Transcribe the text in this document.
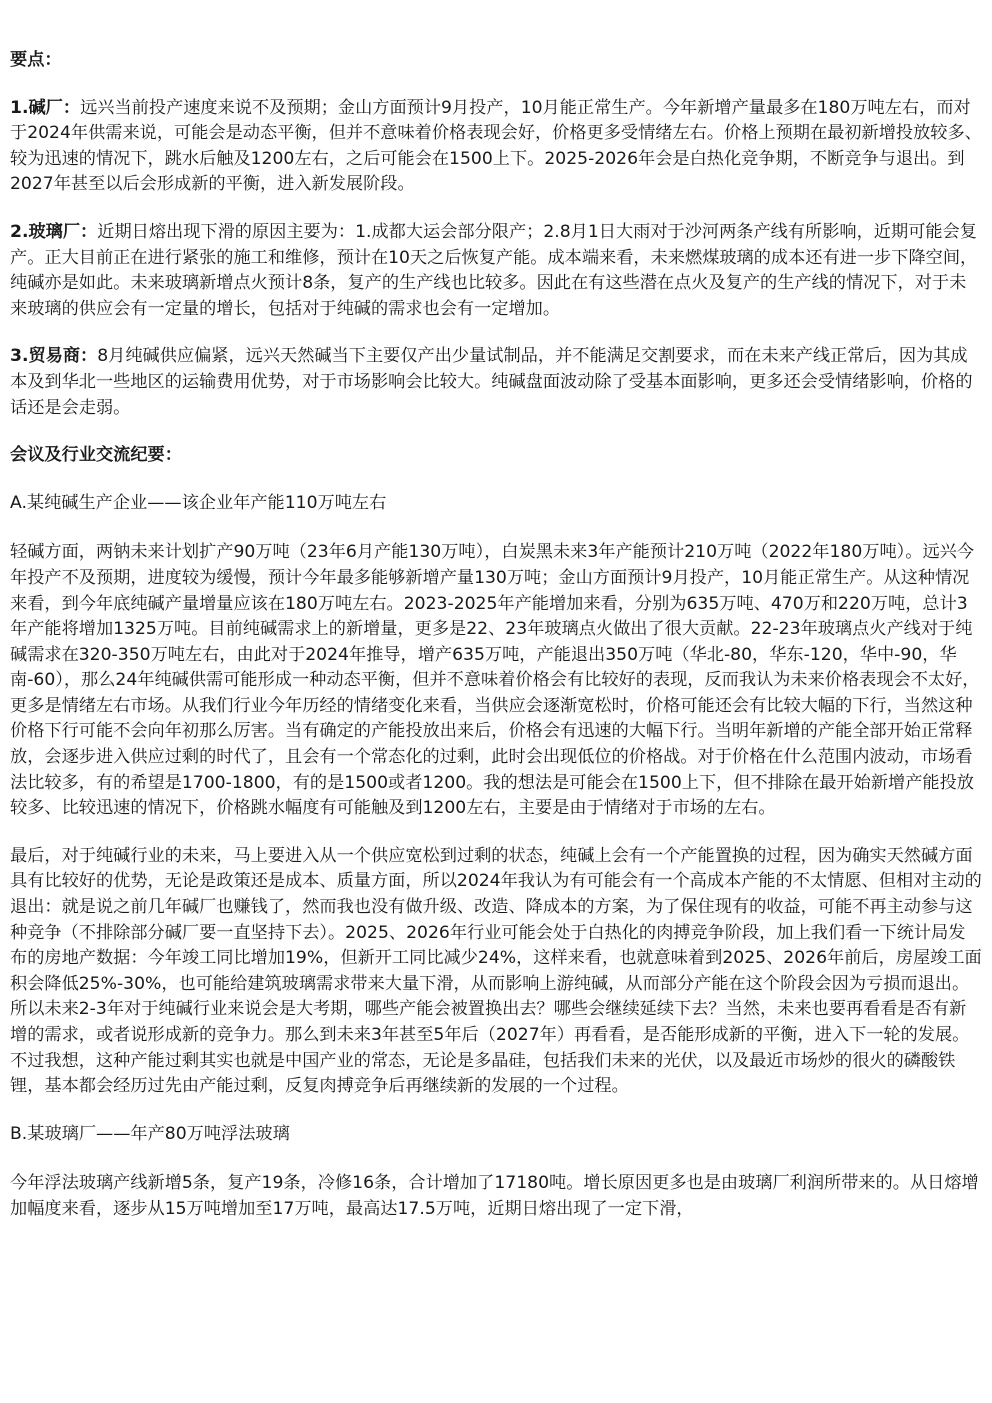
要点：

1.碱厂：远兴当前投产速度来说不及预期；金山方面预计9月投产，10月能正常生产。今年新增产量最多在180万吨左右，而对于2024年供需来说，可能会是动态平衡，但并不意味着价格表现会好，价格更多受情绪左右。价格上预期在最初新增投放较多、较为迅速的情况下，跳水后触及1200左右，之后可能会在1500上下。2025-2026年会是白热化竞争期，不断竞争与退出。到2027年甚至以后会形成新的平衡，进入新发展阶段。

2.玻璃厂：近期日熔出现下滑的原因主要为：1.成都大运会部分限产；2.8月1日大雨对于沙河两条产线有所影响，近期可能会复产。正大目前正在进行紧张的施工和维修，预计在10天之后恢复产能。成本端来看，未来燃煤玻璃的成本还有进一步下降空间，纯碱亦是如此。未来玻璃新增点火预计8条，复产的生产线也比较多。因此在有这些潜在点火及复产的生产线的情况下，对于未来玻璃的供应会有一定量的增长，包括对于纯碱的需求也会有一定增加。

3.贸易商：8月纯碱供应偏紧，远兴天然碱当下主要仅产出少量试制品，并不能满足交割要求，而在未来产线正常后，因为其成本及到华北一些地区的运输费用优势，对于市场影响会比较大。纯碱盘面波动除了受基本面影响，更多还会受情绪影响，价格的话还是会走弱。

会议及行业交流纪要：

A.某纯碱生产企业——该企业年产能110万吨左右

轻碱方面，两钠未来计划扩产90万吨（23年6月产能130万吨），白炭黑未来3年产能预计210万吨（2022年180万吨）。远兴今年投产不及预期，进度较为缓慢，预计今年最多能够新增产量130万吨；金山方面预计9月投产，10月能正常生产。从这种情况来看，到今年底纯碱产量增量应该在180万吨左右。2023-2025年产能增加来看，分别为635万吨、470万和220万吨，总计3年产能将增加1325万吨。目前纯碱需求上的新增量，更多是22、23年玻璃点火做出了很大贡献。22-23年玻璃点火产线对于纯碱需求在320-350万吨左右，由此对于2024年推导，增产635万吨，产能退出350万吨（华北-80，华东-120，华中-90，华南-60），那么24年纯碱供需可能形成一种动态平衡，但并不意味着价格会有比较好的表现，反而我认为未来价格表现会不太好，更多是情绪左右市场。从我们行业今年历经的情绪变化来看，当供应会逐渐宽松时，价格可能还会有比较大幅的下行，当然这种价格下行可能不会向年初那么厉害。当有确定的产能投放出来后，价格会有迅速的大幅下行。当明年新增的产能全部开始正常释放，会逐步进入供应过剩的时代了，且会有一个常态化的过剩，此时会出现低位的价格战。对于价格在什么范围内波动，市场看法比较多，有的希望是1700-1800，有的是1500或者1200。我的想法是可能会在1500上下，但不排除在最开始新增产能投放较多、比较迅速的情况下，价格跳水幅度有可能触及到1200左右，主要是由于情绪对于市场的左右。

最后，对于纯碱行业的未来，马上要进入从一个供应宽松到过剩的状态，纯碱上会有一个产能置换的过程，因为确实天然碱方面具有比较好的优势，无论是政策还是成本、质量方面，所以2024年我认为有可能会有一个高成本产能的不太情愿、但相对主动的退出：就是说之前几年碱厂也赚钱了，然而我也没有做升级、改造、降成本的方案，为了保住现有的收益，可能不再主动参与这种竞争（不排除部分碱厂要一直坚持下去）。2025、2026年行业可能会处于白热化的肉搏竞争阶段，加上我们看一下统计局发布的房地产数据：今年竣工同比增加19%，但新开工同比减少24%，这样来看，也就意味着到2025、2026年前后，房屋竣工面积会降低25%-30%，也可能给建筑玻璃需求带来大量下滑，从而影响上游纯碱，从而部分产能在这个阶段会因为亏损而退出。所以未来2-3年对于纯碱行业来说会是大考期，哪些产能会被置换出去？哪些会继续延续下去？当然，未来也要再看看是否有新增的需求，或者说形成新的竞争力。那么到未来3年甚至5年后（2027年）再看看，是否能形成新的平衡，进入下一轮的发展。不过我想，这种产能过剩其实也就是中国产业的常态，无论是多晶硅，包括我们未来的光伏，以及最近市场炒的很火的磷酸铁锂，基本都会经历过先由产能过剩，反复肉搏竞争后再继续新的发展的一个过程。

B.某玻璃厂——年产80万吨浮法玻璃

今年浮法玻璃产线新增5条，复产19条，冷修16条，合计增加了17180吨。增长原因更多也是由玻璃厂利润所带来的。从日熔增加幅度来看，逐步从15万吨增加至17万吨，最高达17.5万吨，近期日熔出现了一定下滑，
